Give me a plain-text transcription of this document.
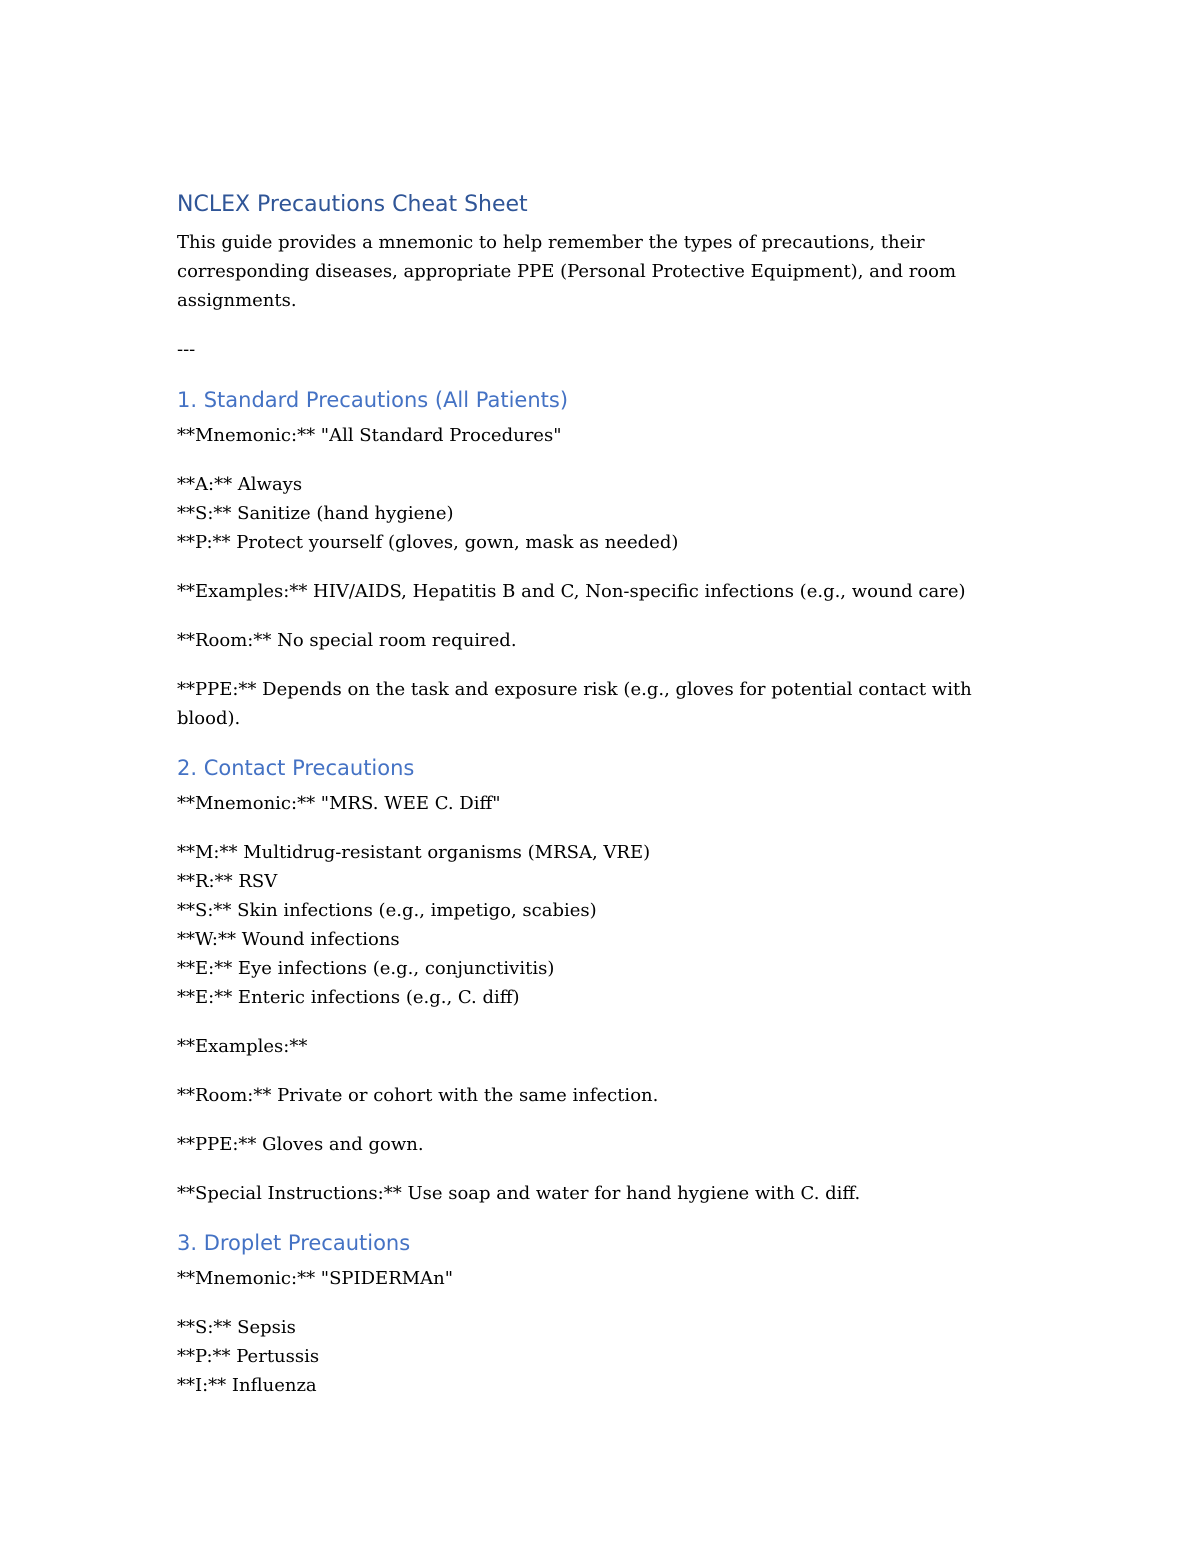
NCLEX Precautions Cheat Sheet

This guide provides a mnemonic to help remember the types of precautions, their corresponding diseases, appropriate PPE (Personal Protective Equipment), and room assignments.

---
1. Standard Precautions (All Patients)

**Mnemonic:** "All Standard Procedures"

**A:** Always
**S:** Sanitize (hand hygiene)
**P:** Protect yourself (gloves, gown, mask as needed)

**Examples:** HIV/AIDS, Hepatitis B and C, Non-specific infections (e.g., wound care)

**Room:** No special room required.

**PPE:** Depends on the task and exposure risk (e.g., gloves for potential contact with blood).

2. Contact Precautions

**Mnemonic:** "MRS. WEE C. Diff"

**M:** Multidrug-resistant organisms (MRSA, VRE)
**R:** RSV
**S:** Skin infections (e.g., impetigo, scabies)
**W:** Wound infections
**E:** Eye infections (e.g., conjunctivitis)
**E:** Enteric infections (e.g., C. diff)

**Examples:**

**Room:** Private or cohort with the same infection.

**PPE:** Gloves and gown.

**Special Instructions:** Use soap and water for hand hygiene with C. diff.

3. Droplet Precautions

**Mnemonic:** "SPIDERMAn"

**S:** Sepsis
**P:** Pertussis
**I:** Influenza
